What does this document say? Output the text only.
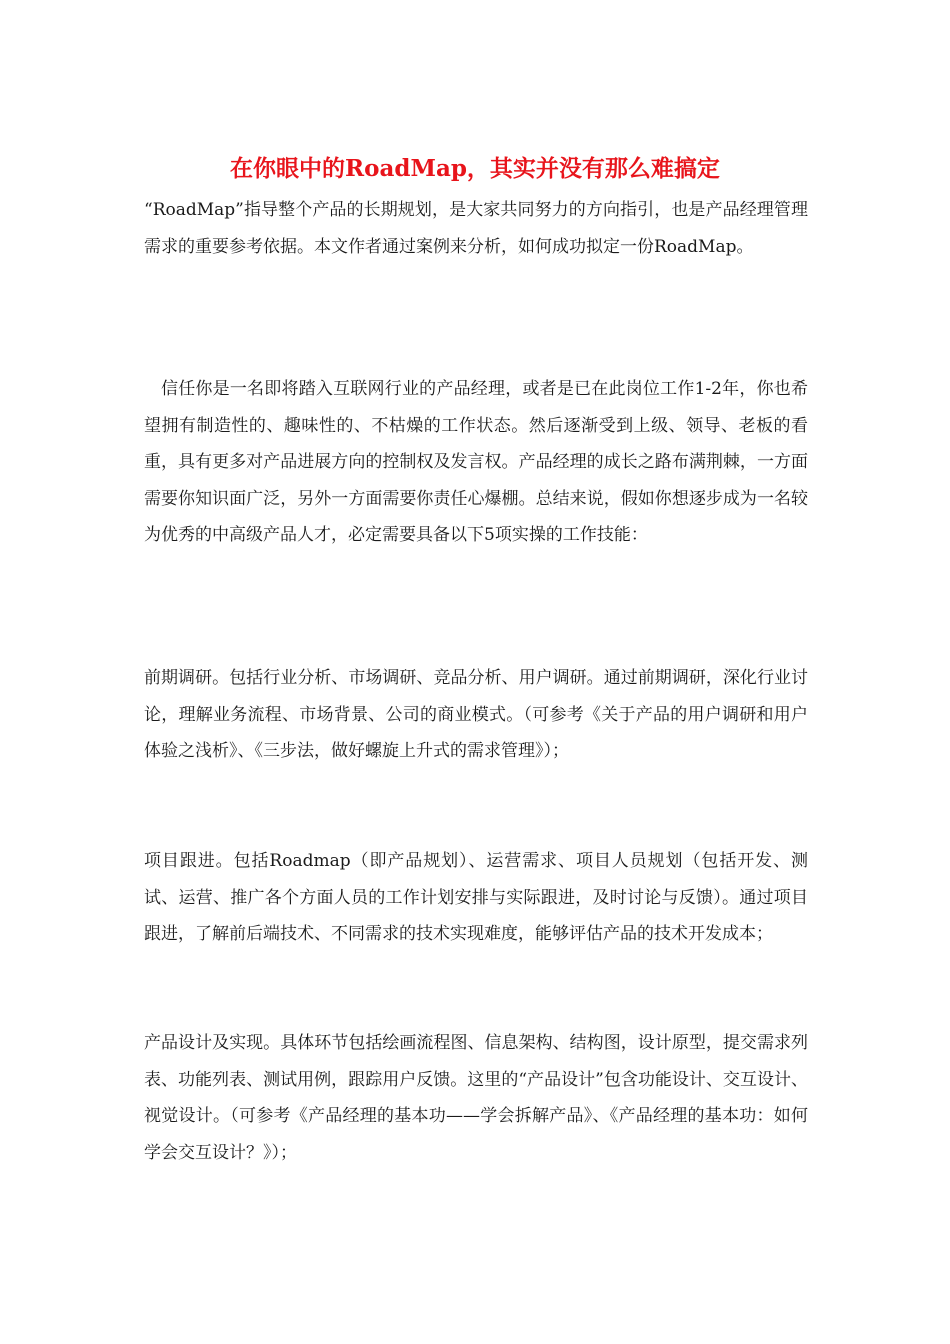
在你眼中的RoadMap，其实并没有那么难搞定

“RoadMap”指导整个产品的长期规划，是大家共同努力的方向指引，也是产品经理管理需求的重要参考依据。本文作者通过案例来分析，如何成功拟定一份RoadMap。

信任你是一名即将踏入互联网行业的产品经理，或者是已在此岗位工作1-2年，你也希望拥有制造性的、趣味性的、不枯燥的工作状态。然后逐渐受到上级、领导、老板的看重，具有更多对产品进展方向的控制权及发言权。产品经理的成长之路布满荆棘，一方面需要你知识面广泛，另外一方面需要你责任心爆棚。总结来说，假如你想逐步成为一名较为优秀的中高级产品人才，必定需要具备以下5项实操的工作技能：

前期调研。包括行业分析、市场调研、竞品分析、用户调研。通过前期调研，深化行业讨论，理解业务流程、市场背景、公司的商业模式。（可参考《关于产品的用户调研和用户体验之浅析》、《三步法，做好螺旋上升式的需求管理》）；

项目跟进。包括Roadmap（即产品规划）、运营需求、项目人员规划（包括开发、测试、运营、推广各个方面人员的工作计划安排与实际跟进，及时讨论与反馈）。通过项目跟进，了解前后端技术、不同需求的技术实现难度，能够评估产品的技术开发成本；

产品设计及实现。具体环节包括绘画流程图、信息架构、结构图，设计原型，提交需求列表、功能列表、测试用例，跟踪用户反馈。这里的“产品设计”包含功能设计、交互设计、视觉设计。（可参考《产品经理的基本功——学会拆解产品》、《产品经理的基本功：如何学会交互设计？》）；
